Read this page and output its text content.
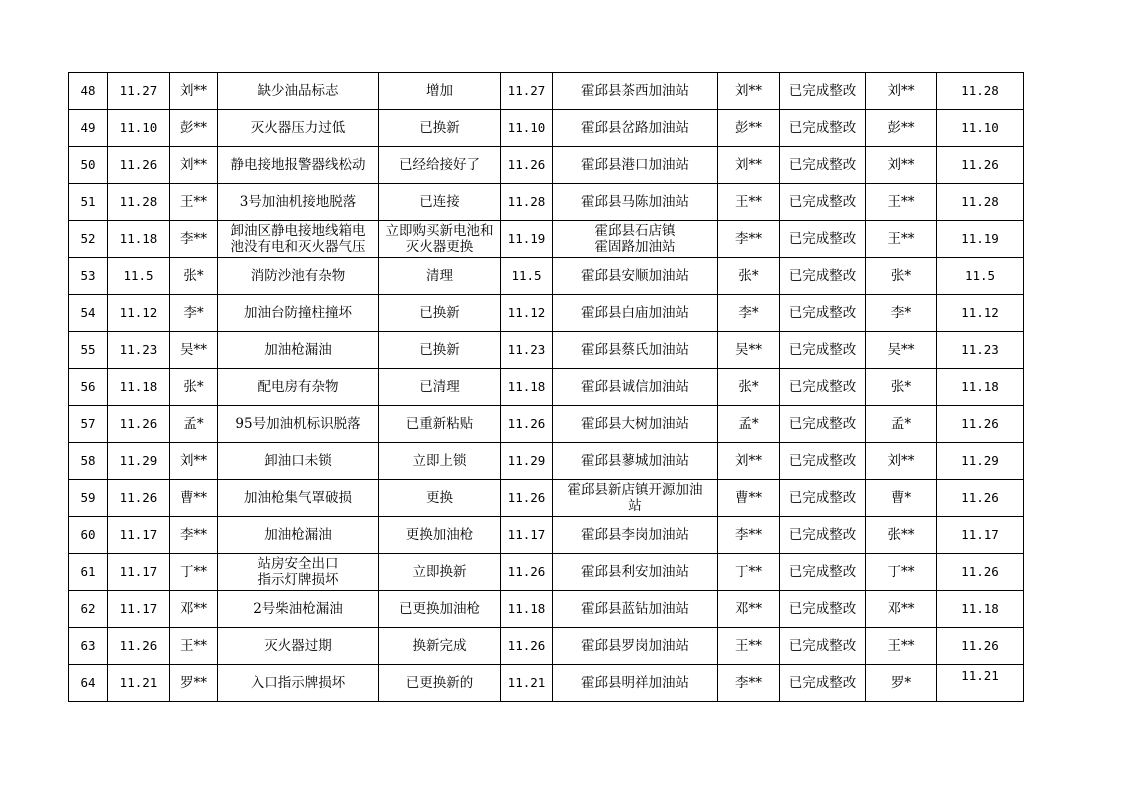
48	11.27	刘**	缺少油品标志	增加	11.27	霍邱县茶西加油站	刘**	已完成整改	刘**	11.28
49	11.10	彭**	灭火器压力过低	已换新	11.10	霍邱县岔路加油站	彭**	已完成整改	彭**	11.10
50	11.26	刘**	静电接地报警器线松动	已经给接好了	11.26	霍邱县港口加油站	刘**	已完成整改	刘**	11.26
51	11.28	王**	3号加油机接地脱落	已连接	11.28	霍邱县马陈加油站	王**	已完成整改	王**	11.28
52	11.18	李**	卸油区静电接地线箱电
池没有电和灭火器气压	立即购买新电池和
灭火器更换	11.19	霍邱县石店镇
霍固路加油站	李**	已完成整改	王**	11.19
53	11.5	张*	消防沙池有杂物	清理	11.5	霍邱县安顺加油站	张*	已完成整改	张*	11.5
54	11.12	李*	加油台防撞柱撞坏	已换新	11.12	霍邱县白庙加油站	李*	已完成整改	李*	11.12
55	11.23	吴**	加油枪漏油	已换新	11.23	霍邱县蔡氏加油站	吴**	已完成整改	吴**	11.23
56	11.18	张*	配电房有杂物	已清理	11.18	霍邱县诚信加油站	张*	已完成整改	张*	11.18
57	11.26	孟*	95号加油机标识脱落	已重新粘贴	11.26	霍邱县大树加油站	孟*	已完成整改	孟*	11.26
58	11.29	刘**	卸油口未锁	立即上锁	11.29	霍邱县蓼城加油站	刘**	已完成整改	刘**	11.29
59	11.26	曹**	加油枪集气罩破损	更换	11.26	霍邱县新店镇开源加油
站	曹**	已完成整改	曹*	11.26
60	11.17	李**	加油枪漏油	更换加油枪	11.17	霍邱县李岗加油站	李**	已完成整改	张**	11.17
61	11.17	丁**	站房安全出口
指示灯牌损坏	立即换新	11.26	霍邱县利安加油站	丁**	已完成整改	丁**	11.26
62	11.17	邓**	2号柴油枪漏油	已更换加油枪	11.18	霍邱县蓝钻加油站	邓**	已完成整改	邓**	11.18
63	11.26	王**	灭火器过期	换新完成	11.26	霍邱县罗岗加油站	王**	已完成整改	王**	11.26
64	11.21	罗**	入口指示牌损坏	已更换新的	11.21	霍邱县明祥加油站	李**	已完成整改	罗*	11.21
